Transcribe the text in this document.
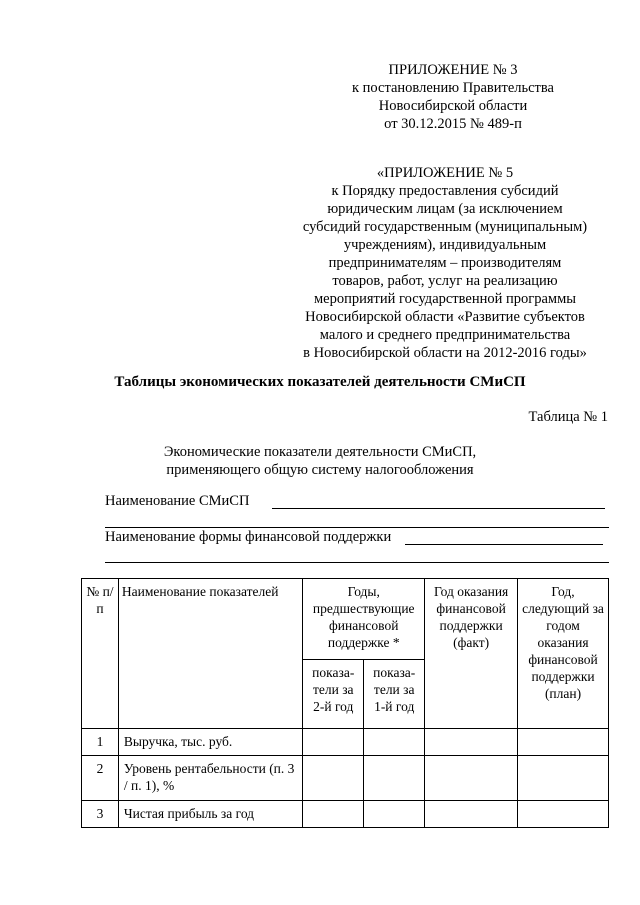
ПРИЛОЖЕНИЕ № 3
к постановлению Правительства
Новосибирской области
от 30.12.2015 № 489-п
«ПРИЛОЖЕНИЕ № 5
к Порядку предоставления субсидий
юридическим лицам (за исключением
субсидий государственным (муниципальным)
учреждениям), индивидуальным
предпринимателям – производителям
товаров, работ, услуг на реализацию
мероприятий государственной программы
Новосибирской области «Развитие субъектов
малого и среднего предпринимательства
в Новосибирской области на 2012-2016 годы»
Таблицы экономических показателей деятельности СМиСП
Таблица № 1
Экономические показатели деятельности СМиСП,
применяющего общую систему налогообложения
Наименование СМиСП
Наименование формы финансовой поддержки
№ п/п	Наименование показателей	Годы, предшествующие финансовой поддержке *		Год оказания финансовой поддержки (факт)	Год, следующий за годом оказания финансовой поддержки (план)
		показа-тели за 2-й год	показа-тели за 1-й год		
1	Выручка, тыс. руб.				
2	Уровень рентабельности (п. 3 / п. 1), %				
3	Чистая прибыль за год				
